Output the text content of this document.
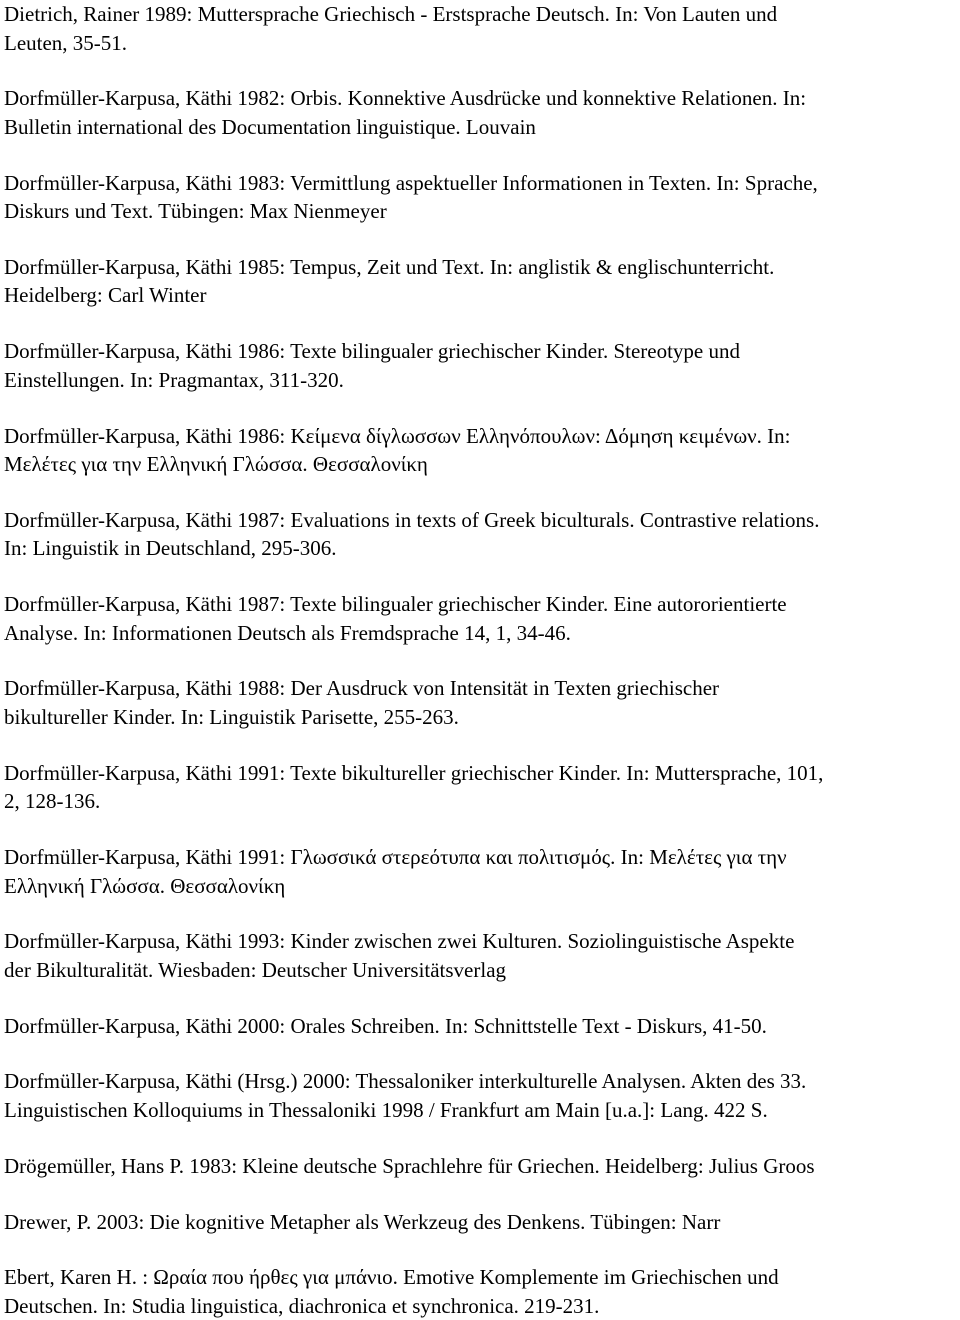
Dietrich, Rainer 1989: Muttersprache Griechisch - Erstsprache Deutsch. In: Von Lauten und
Leuten, 35-51.
Dorfmüller-Karpusa, Käthi 1982: Orbis. Konnektive Ausdrücke und konnektive Relationen. In:
Bulletin international des Documentation linguistique. Louvain
Dorfmüller-Karpusa, Käthi 1983: Vermittlung aspektueller Informationen in Texten. In: Sprache,
Diskurs und Text. Tübingen: Max Nienmeyer
Dorfmüller-Karpusa, Käthi 1985: Tempus, Zeit und Text. In: anglistik & englischunterricht.
Heidelberg: Carl Winter
Dorfmüller-Karpusa, Käthi 1986: Texte bilingualer griechischer Kinder. Stereotype und
Einstellungen. In: Pragmantax, 311-320.
Dorfmüller-Karpusa, Käthi 1986: Κείμενα δίγλωσσων Ελληνόπουλων: Δόμηση κειμένων. In:
Μελέτες για την Ελληνική Γλώσσα. Θεσσαλονίκη
Dorfmüller-Karpusa, Käthi 1987: Evaluations in texts of Greek biculturals. Contrastive relations.
In: Linguistik in Deutschland, 295-306.
Dorfmüller-Karpusa, Käthi 1987: Texte bilingualer griechischer Kinder. Eine autororientierte
Analyse. In: Informationen Deutsch als Fremdsprache 14, 1, 34-46.
Dorfmüller-Karpusa, Käthi 1988: Der Ausdruck von Intensität in Texten griechischer
bikultureller Kinder. In: Linguistik Parisette, 255-263.
Dorfmüller-Karpusa, Käthi 1991: Texte bikultureller griechischer Kinder. In: Muttersprache, 101,
2, 128-136.
Dorfmüller-Karpusa, Käthi 1991: Γλωσσικά στερεότυπα και πολιτισμός. In: Μελέτες για την
Ελληνική Γλώσσα. Θεσσαλονίκη
Dorfmüller-Karpusa, Käthi 1993: Kinder zwischen zwei Kulturen. Soziolinguistische Aspekte
der Bikulturalität. Wiesbaden: Deutscher Universitätsverlag
Dorfmüller-Karpusa, Käthi 2000: Orales Schreiben. In: Schnittstelle Text - Diskurs, 41-50.
Dorfmüller-Karpusa, Käthi (Hrsg.) 2000: Thessaloniker interkulturelle Analysen. Akten des 33.
Linguistischen Kolloquiums in Thessaloniki 1998 / Frankfurt am Main [u.a.]: Lang. 422 S.
Drögemüller, Hans P. 1983: Kleine deutsche Sprachlehre für Griechen. Heidelberg: Julius Groos
Drewer, P. 2003: Die kognitive Metapher als Werkzeug des Denkens. Tübingen: Narr
Ebert, Karen H. : Ωραία που ήρθες για μπάνιο. Emotive Komplemente im Griechischen und
Deutschen. In: Studia linguistica, diachronica et synchronica. 219-231.
